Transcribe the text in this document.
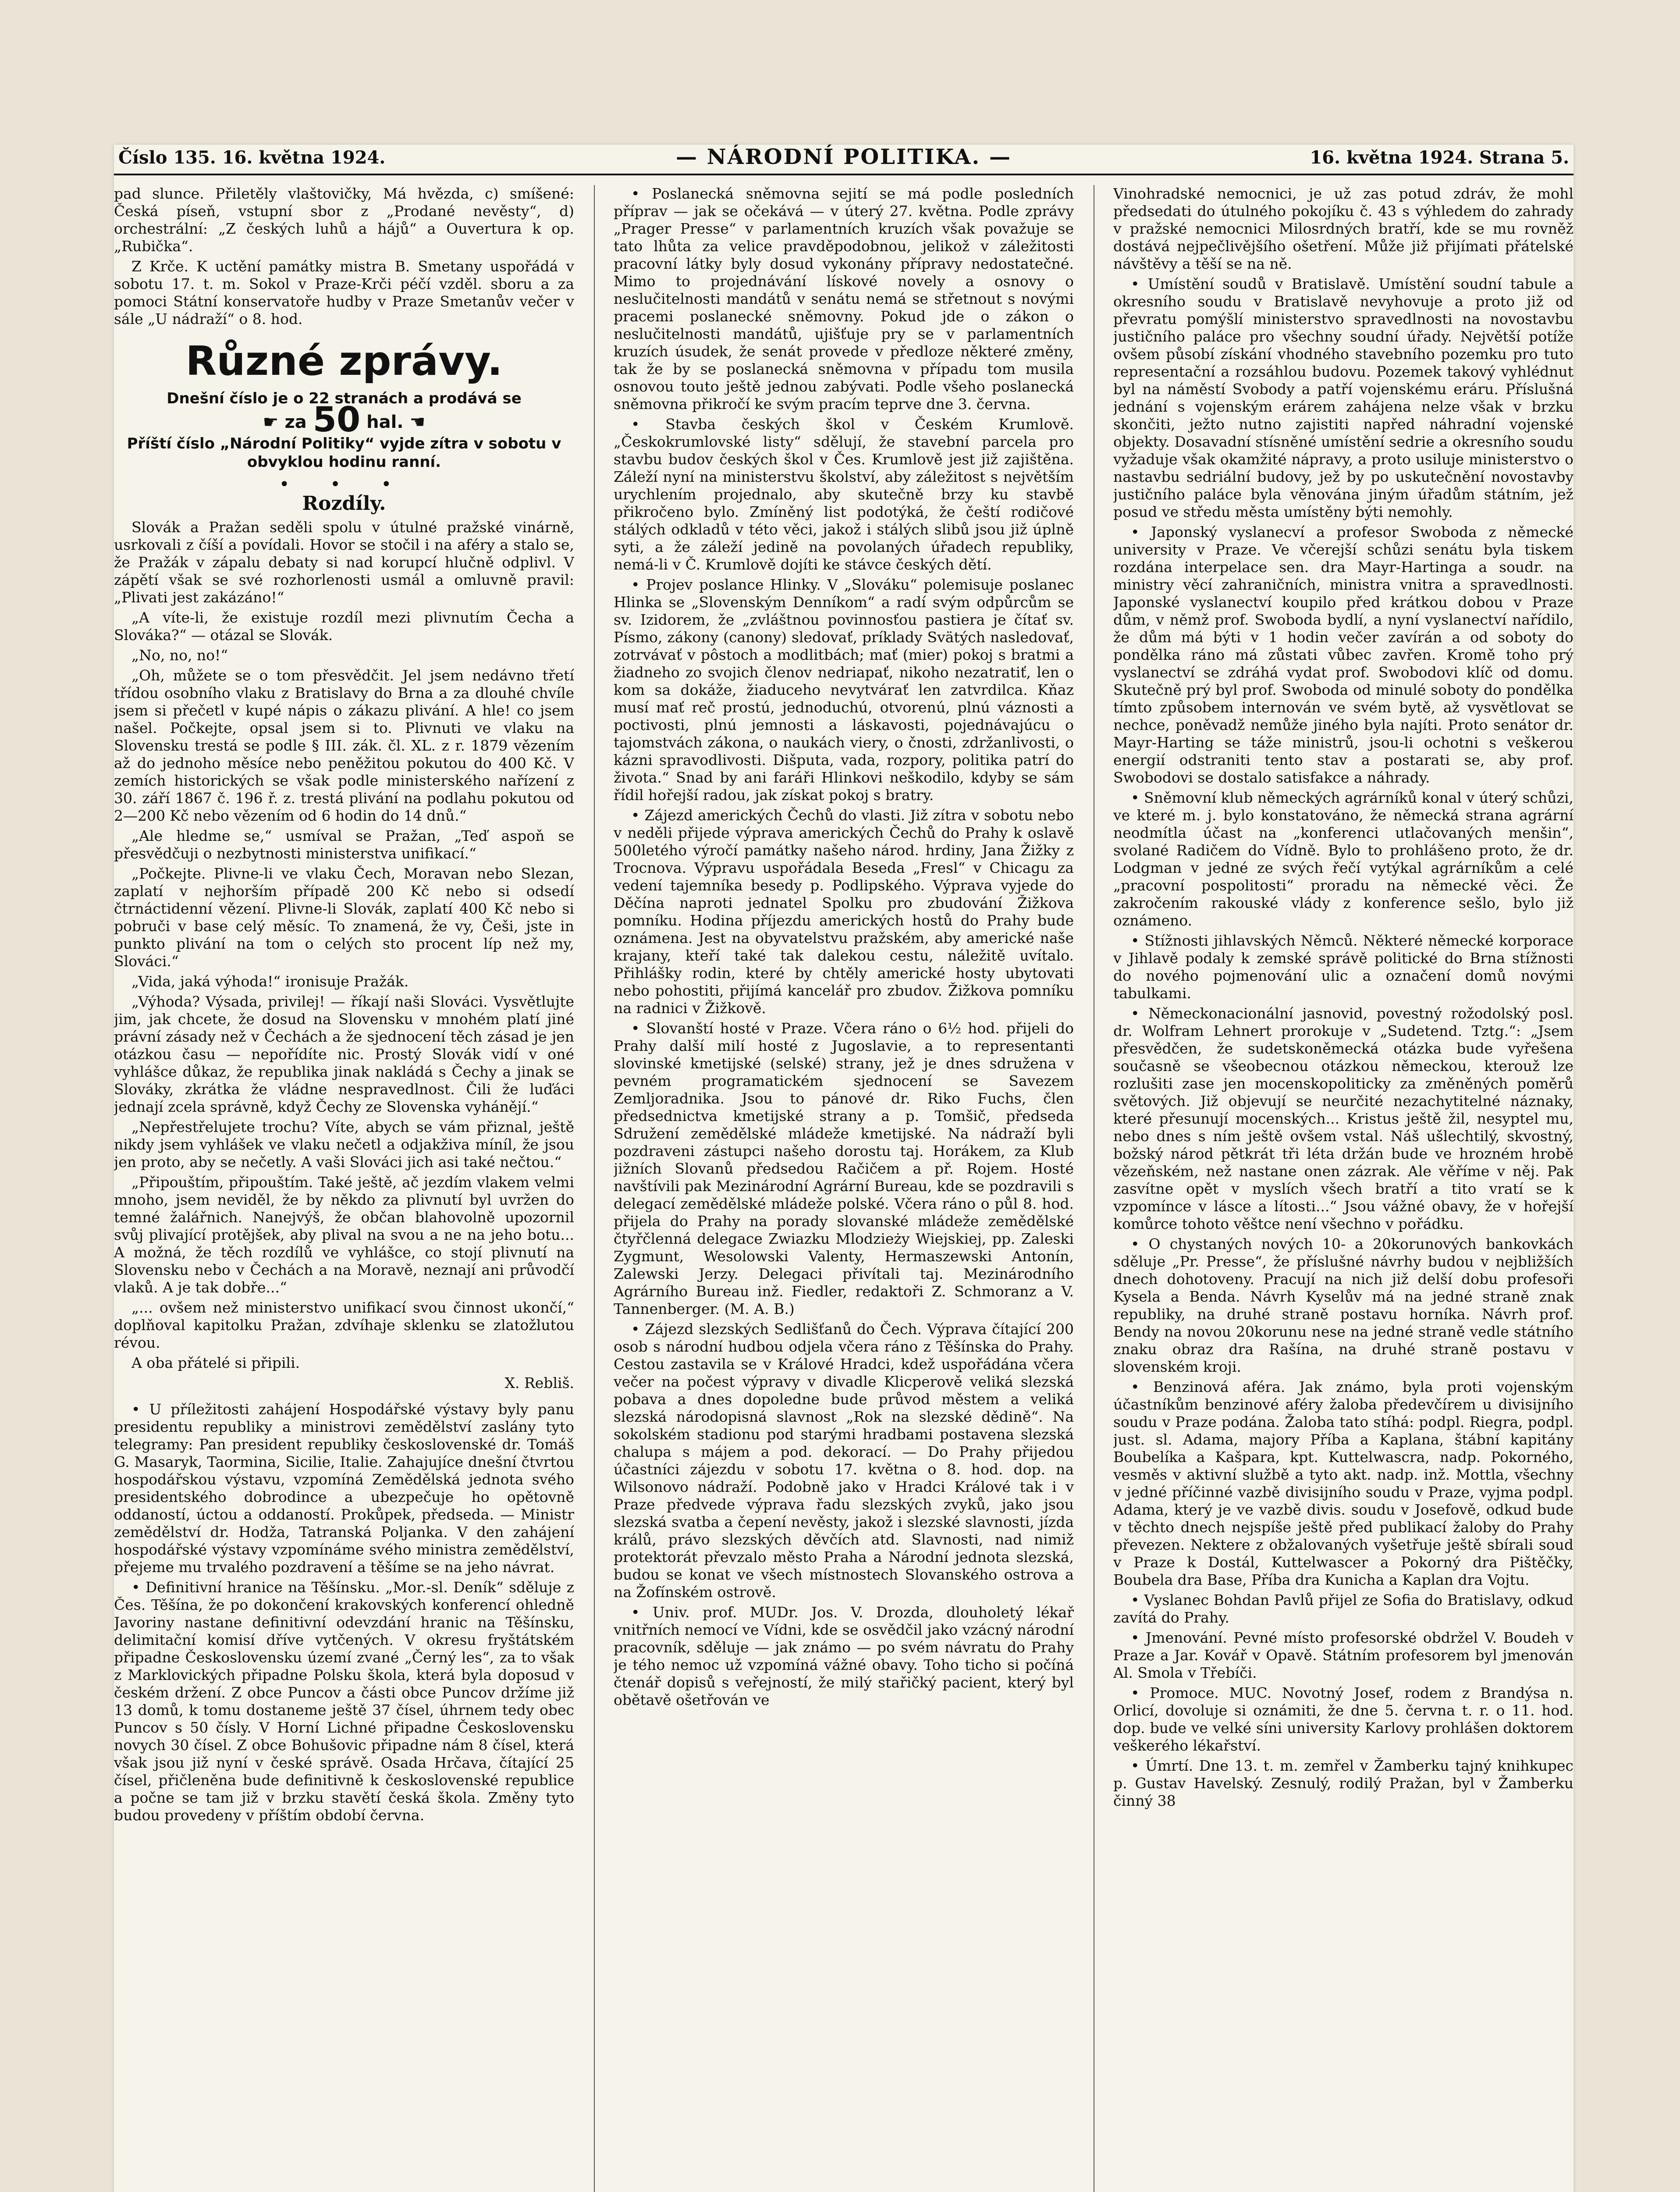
Číslo 135. 16. května 1924.	— NÁRODNÍ POLITIKA. —	16. května 1924. Strana 5.

pad slunce. Přiletěly vlaštovičky, Má hvězda, c) smíšené: Česká píseň, vstupní sbor z „Prodané nevěsty“, d) orchestrální: „Z českých luhů a hájů“ a Ouvertura k op. „Rubička“.

Z Krče. K uctění památky mistra B. Smetany uspořádá v sobotu 17. t. m. Sokol v Praze-Krči péčí vzděl. sboru a za pomoci Státní konservatoře hudby v Praze Smetanův večer v sále „U nádraží“ o 8. hod.

Různé zprávy.
Dnešní číslo je o 22 stranách a prodává se
☛ za 50 hal. ☚
Příští číslo „Národní Politiky“ vyjde zítra v sobotu v obvyklou hodinu ranní.
• • •
Rozdíly.

Slovák a Pražan seděli spolu v útulné pražské vinárně, usrkovali z číší a povídali. Hovor se stočil i na aféry a stalo se, že Pražák v zápalu debaty si nad korupcí hlučně odplivl. V zápětí však se své rozhorlenosti usmál a omluvně pravil: „Plivati jest zakázáno!“

„A víte-li, že existuje rozdíl mezi plivnutím Čecha a Slováka?“ — otázal se Slovák.

„No, no, no!“

„Oh, můžete se o tom přesvědčit. Jel jsem nedávno třetí třídou osobního vlaku z Bratislavy do Brna a za dlouhé chvíle jsem si přečetl v kupé nápis o zákazu plivání. A hle! co jsem našel. Počkejte, opsal jsem si to. Plivnuti ve vlaku na Slovensku trestá se podle § III. zák. čl. XL. z r. 1879 vězením až do jednoho měsíce nebo peněžitou pokutou do 400 Kč. V zemích historických se však podle ministerského nařízení z 30. září 1867 č. 196 ř. z. trestá plivání na podlahu pokutou od 2—200 Kč nebo vězením od 6 hodin do 14 dnů.“

„Ale hledme se,“ usmíval se Pražan, „Teď aspoň se přesvědčuji o nezbytnosti ministerstva unifikací.“

„Počkejte. Plivne-li ve vlaku Čech, Moravan nebo Slezan, zaplatí v nejhorším případě 200 Kč nebo si odsedí čtrnáctidenní vězení. Plivne-li Slovák, zaplatí 400 Kč nebo si pobruči v base celý měsíc. To znamená, že vy, Češi, jste in punkto plivání na tom o celých sto procent líp než my, Slováci.“

„Vida, jaká výhoda!“ ironisuje Pražák.

„Výhoda? Výsada, privilej! — říkají naši Slováci. Vysvětlujte jim, jak chcete, že dosud na Slovensku v mnohém platí jiné právní zásady než v Čechách a že sjednocení těch zásad je jen otázkou času — nepořídíte nic. Prostý Slovák vidí v oné vyhlášce důkaz, že republika jinak nakládá s Čechy a jinak se Slováky, zkrátka že vládne nespravedlnost. Čili že luďáci jednají zcela správně, když Čechy ze Slovenska vyhánějí.“

„Nepřestřelujete trochu? Víte, abych se vám přiznal, ještě nikdy jsem vyhlášek ve vlaku nečetl a odjakživa míníl, že jsou jen proto, aby se nečetly. A vaši Slováci jich asi také nečtou.“

„Připouštím, připouštím. Také ještě, ač jezdím vlakem velmi mnoho, jsem neviděl, že by někdo za plivnutí byl uvržen do temné žalářnich. Nanejvýš, že občan blahovolně upozornil svůj plivající protějšek, aby plival na svou a ne na jeho botu... A možná, že těch rozdílů ve vyhlášce, co stojí plivnutí na Slovensku nebo v Čechách a na Moravě, neznají ani průvodčí vlaků. A je tak dobře...“

„... ovšem než ministerstvo unifikací svou činnost ukončí,“ doplňoval kapitolku Pražan, zdvíhaje sklenku se zlatožlutou révou.

A oba přátelé si připili.

X. Rebliš.

• U příležitosti zahájení Hospodářské výstavy byly panu presidentu republiky a ministrovi zemědělství zaslány tyto telegramy: Pan president republiky československé dr. Tomáš G. Masaryk, Taormina, Sicilie, Italie. Zahajujíce dnešní čtvrtou hospodářskou výstavu, vzpomíná Zemědělská jednota svého presidentského dobrodince a ubezpečuje ho opětovně oddaností, úctou a oddaností. Prokůpek, předseda. — Ministr zemědělství dr. Hodža, Tatranská Poljanka. V den zahájení hospodářské výstavy vzpomínáme svého ministra zemědělství, přejeme mu trvalého pozdravení a těšíme se na jeho návrat.

• Definitivní hranice na Těšínsku. „Mor.-sl. Deník“ sděluje z Čes. Těšína, že po dokončení krakovských konferencí ohledně Javoriny nastane definitivní odevzdání hranic na Těšínsku, delimitační komisí dříve vytčených. V okresu fryštátském připadne Československu území zvané „Černý les“, za to však z Marklovických připadne Polsku škola, která byla doposud v českém držení. Z obce Puncov a části obce Puncov držíme již 13 domů, k tomu dostaneme ještě 37 čísel, úhrnem tedy obec Puncov s 50 čísly. V Horní Lichné připadne Československu novych 30 čísel. Z obce Bohušovic připadne nám 8 čísel, která však jsou již nyní v české správě. Osada Hrčava, čítající 25 čísel, přičleněna bude definitivně k československé republice a počne se tam již v brzku stavětí česká škola. Změny tyto budou provedeny v příštím období června.

• Poslanecká sněmovna sejití se má podle posledních příprav — jak se očekává — v úterý 27. května. Podle zprávy „Prager Presse“ v parlamentních kruzích však považuje se tato lhůta za velice pravděpodobnou, jelikož v záležitosti pracovní látky byly dosud vykonány přípravy nedostatečné. Mimo to projednávání lískové novely a osnovy o neslučitelnosti mandátů v senátu nemá se střetnout s novými pracemi poslanecké sněmovny. Pokud jde o zákon o neslučitelnosti mandátů, ujišťuje pry se v parlamentních kruzích úsudek, že senát provede v předloze některé změny, tak že by se poslanecká sněmovna v případu tom musila osnovou touto ještě jednou zabývati. Podle všeho poslanecká sněmovna přikročí ke svým pracím teprve dne 3. června.

• Stavba českých škol v Českém Krumlově. „Českokrumlovské listy“ sdělují, že stavební parcela pro stavbu budov českých škol v Čes. Krumlově jest již zajištěna. Záleží nyní na ministerstvu školství, aby záležitost s největším urychlením projednalo, aby skutečně brzy ku stavbě přikročeno bylo. Zmíněný list podotýká, že čeští rodičové stálých odkladů v této věci, jakož i stálých slibů jsou již úplně syti, a že záleží jedině na povolaných úřadech republiky, nemá-li v Č. Krumlově dojíti ke stávce českých dětí.

• Projev poslance Hlinky. V „Slováku“ polemisuje poslanec Hlinka se „Slovenským Denníkom“ a radí svým odpůrcům se sv. Izidorem, že „zvláštnou povinnosťou pastiera je čítať sv. Písmo, zákony (canony) sledovať, príklady Svätých nasledovať, zotrvávať v pôstoch a modlitbách; mať (mier) pokoj s bratmi a žiadneho zo svojich členov nedriapať, nikoho nezatratiť, len o kom sa dokáže, žiaduceho nevytvárať len zatvrdilca. Kňaz musí mať reč prostú, jednoduchú, otvorenú, plnú váznosti a poctivosti, plnú jemnosti a láskavosti, pojednávajúcu o tajomstvách zákona, o naukách viery, o čnosti, zdržanlivosti, o kázni spravodlivosti. Dišputa, vada, rozpory, politika patrí do života.“ Snad by ani faráři Hlinkovi neškodilo, kdyby se sám řídil hořejší radou, jak získat pokoj s bratry.

• Zájezd amerických Čechů do vlasti. Již zítra v sobotu nebo v neděli přijede výprava amerických Čechů do Prahy k oslavě 500letého výročí památky našeho národ. hrdiny, Jana Žižky z Trocnova. Výpravu uspořádala Beseda „Fresl“ v Chicagu za vedení tajemníka besedy p. Podlipského. Výprava vyjede do Děčína naproti jednatel Spolku pro zbudování Žižkova pomníku. Hodina příjezdu amerických hostů do Prahy bude oznámena. Jest na obyvatelstvu pražském, aby americké naše krajany, kteří také tak dalekou cestu, náležitě uvítalo. Přihlášky rodin, které by chtěly americké hosty ubytovati nebo pohostiti, přijímá kancelář pro zbudov. Žižkova pomníku na radnici v Žižkově.

• Slovanští hosté v Praze. Včera ráno o 6½ hod. přijeli do Prahy další milí hosté z Jugoslavie, a to representanti slovinské kmetijské (selské) strany, jež je dnes sdružena v pevném programatickém sjednocení se Savezem Zemljoradnika. Jsou to pánové dr. Riko Fuchs, člen předsednictva kmetijské strany a p. Tomšič, předseda Sdružení zemědělské mládeže kmetijské. Na nádraží byli pozdraveni zástupci našeho dorostu taj. Horákem, za Klub jižních Slovanů předsedou Račičem a př. Rojem. Hosté navštívili pak Mezinárodní Agrární Bureau, kde se pozdravili s delegací zemědělské mládeže polské. Včera ráno o půl 8. hod. přijela do Prahy na porady slovanské mládeže zemědělské čtyřčlenná delegace Zwiazku Mlodzieży Wiejskiej, pp. Zaleski Zygmunt, Wesolowski Valenty, Hermaszewski Antonín, Zalewski Jerzy. Delegaci přivítali taj. Mezinárodního Agrárního Bureau inž. Fiedler, redaktoři Z. Schmoranz a V. Tannenberger. (M. A. B.)

• Zájezd slezských Sedlišťanů do Čech. Výprava čítající 200 osob s národní hudbou odjela včera ráno z Těšínska do Prahy. Cestou zastavila se v Králové Hradci, kdež uspořádána včera večer na počest výpravy v divadle Klicperově veliká slezská pobava a dnes dopoledne bude průvod městem a veliká slezská národopisná slavnost „Rok na slezské dědině“. Na sokolském stadionu pod starými hradbami postavena slezská chalupa s májem a pod. dekorací. — Do Prahy přijedou účastníci zájezdu v sobotu 17. května o 8. hod. dop. na Wilsonovo nádraží. Podobně jako v Hradci Králové tak i v Praze předvede výprava řadu slezských zvyků, jako jsou slezská svatba a čepení nevěsty, jakož i slezské slavnosti, jízda králů, právo slezských děvčích atd. Slavnosti, nad nimiž protektorát převzalo město Praha a Národní jednota slezská, budou se konat ve všech místnostech Slovanského ostrova a na Žofínském ostrově.

• Univ. prof. MUDr. Jos. V. Drozda, dlouholetý lékař vnitřních nemocí ve Vídni, kde se osvědčil jako vzácný národní pracovník, sděluje — jak známo — po svém návratu do Prahy je tého nemoc už vzpomíná vážné obavy. Toho ticho si počíná čtenář dopisů s veřejností, že milý stařičký pacient, který byl obětavě ošetřován ve

Vinohradské nemocnici, je už zas potud zdráv, že mohl předsedati do útulného pokojíku č. 43 s výhledem do zahrady v pražské nemocnici Milosrdných bratří, kde se mu rovněž dostává nejpečlivějšího ošetření. Může již přijímati přátelské návštěvy a těší se na ně.

• Umístění soudů v Bratislavě. Umístění soudní tabule a okresního soudu v Bratislavě nevyhovuje a proto již od převratu pomýšlí ministerstvo spravedlnosti na novostavbu justičního paláce pro všechny soudní úřady. Největší potíže ovšem působí získání vhodného stavebního pozemku pro tuto representační a rozsáhlou budovu. Pozemek takový vyhlédnut byl na náměstí Svobody a patří vojenskému eráru. Příslušná jednání s vojenským erárem zahájena nelze však v brzku skončiti, ježto nutno zajistiti napřed náhradní vojenské objekty. Dosavadní stísněné umístění sedrie a okresního soudu vyžaduje však okamžité nápravy, a proto usiluje ministerstvo o nastavbu sedriální budovy, jež by po uskutečnění novostavby justičního paláce byla věnována jiným úřadům státním, jež posud ve středu města umístěny býti nemohly.

• Japonský vyslanecví a profesor Swoboda z německé university v Praze. Ve včerejší schůzi senátu byla tiskem rozdána interpelace sen. dra Mayr-Hartinga a soudr. na ministry věcí zahraničních, ministra vnitra a spravedlnosti. Japonské vyslanectví koupilo před krátkou dobou v Praze dům, v němž prof. Swoboda bydlí, a nyní vyslanectví nařídilo, že dům má býti v 1 hodin večer zavírán a od soboty do pondělka ráno má zůstati vůbec zavřen. Kromě toho prý vyslanectví se zdráhá vydat prof. Swobodovi klíč od domu. Skutečně prý byl prof. Swoboda od minulé soboty do pondělka tímto způsobem internován ve svém bytě, až vysvětlovat se nechce, poněvadž nemůže jiného byla najíti. Proto senátor dr. Mayr-Harting se táže ministrů, jsou-li ochotni s veškerou energií odstraniti tento stav a postarati se, aby prof. Swobodovi se dostalo satisfakce a náhrady.

• Sněmovní klub německých agrárníků konal v úterý schůzi, ve které m. j. bylo konstatováno, že německá strana agrární neodmítla účast na „konferenci utlačovaných menšin“, svolané Radičem do Vídně. Bylo to prohlášeno proto, že dr. Lodgman v jedné ze svých řečí vytýkal agrárníkům a celé „pracovní pospolitosti“ proradu na německé věci. Že zakročením rakouské vlády z konference sešlo, bylo již oznámeno.

• Stížnosti jihlavských Němců. Některé německé korporace v Jihlavě podaly k zemské správě politické do Brna stížnosti do nového pojmenování ulic a označení domů novými tabulkami.

• Německonacionální jasnovid, povestný rožodolský posl. dr. Wolfram Lehnert prorokuje v „Sudetend. Tztg.“: „Jsem přesvědčen, že sudetskoněmecká otázka bude vyřešena současně se všeobecnou otázkou německou, kterouž lze rozlušiti zase jen mocenskopoliticky za změněných poměrů světových. Již objevují se neurčité nezachytitelné náznaky, které přesunují mocenských... Kristus ještě žil, nesyptel mu, nebo dnes s ním ještě ovšem vstal. Náš ušlechtilý, skvostný, božský národ pětkrát tři léta držán bude ve hrozném hrobě vězeňském, než nastane onen zázrak. Ale věříme v něj. Pak zasvítne opět v myslích všech bratří a tito vratí se k vzpomínce v lásce a lítosti...“ Jsou vážné obavy, že v hořejší komůrce tohoto věštce není všechno v pořádku.

• O chystaných nových 10- a 20korunových bankovkách sděluje „Pr. Presse“, že příslušné návrhy budou v nejbližších dnech dohotoveny. Pracují na nich již delší dobu profesoři Kysela a Benda. Návrh Kyselův má na jedné straně znak republiky, na druhé straně postavu horníka. Návrh prof. Bendy na novou 20korunu nese na jedné straně vedle státního znaku obraz dra Rašína, na druhé straně postavu v slovenském kroji.

• Benzinová aféra. Jak známo, byla proti vojenským účastníkům benzinové aféry žaloba předevčírem u divisijního soudu v Praze podána. Žaloba tato stíhá: podpl. Riegra, podpl. just. sl. Adama, majory Příba a Kaplana, štábní kapitány Boubelíka a Kašpara, kpt. Kuttelwascra, nadp. Pokorného, vesměs v aktivní službě a tyto akt. nadp. inž. Mottla, všechny v jedné příčinné vazbě divisijního soudu v Praze, vyjma podpl. Adama, který je ve vazbě divis. soudu v Josefově, odkud bude v těchto dnech nejspíše ještě před publikací žaloby do Prahy převezen. Nektere z obžalovaných vyšetřuje ještě sbírali soud v Praze k Dostál, Kuttelwascer a Pokorný dra Pištěčky, Boubela dra Base, Příba dra Kunicha a Kaplan dra Vojtu.

• Vyslanec Bohdan Pavlů přijel ze Sofia do Bratislavy, odkud zavítá do Prahy.

• Jmenování. Pevné místo profesorské obdržel V. Boudeh v Praze a Jar. Kovář v Opavě. Státním profesorem byl jmenován Al. Smola v Třebíči.

• Promoce. MUC. Novotný Josef, rodem z Brandýsa n. Orlicí, dovoluje si oznámiti, že dne 5. června t. r. o 11. hod. dop. bude ve velké síni university Karlovy prohlášen doktorem veškerého lékařství.

• Úmrtí. Dne 13. t. m. zemřel v Žamberku tajný knihkupec p. Gustav Havelský. Zesnulý, rodilý Pražan, byl v Žamberku činný 38
